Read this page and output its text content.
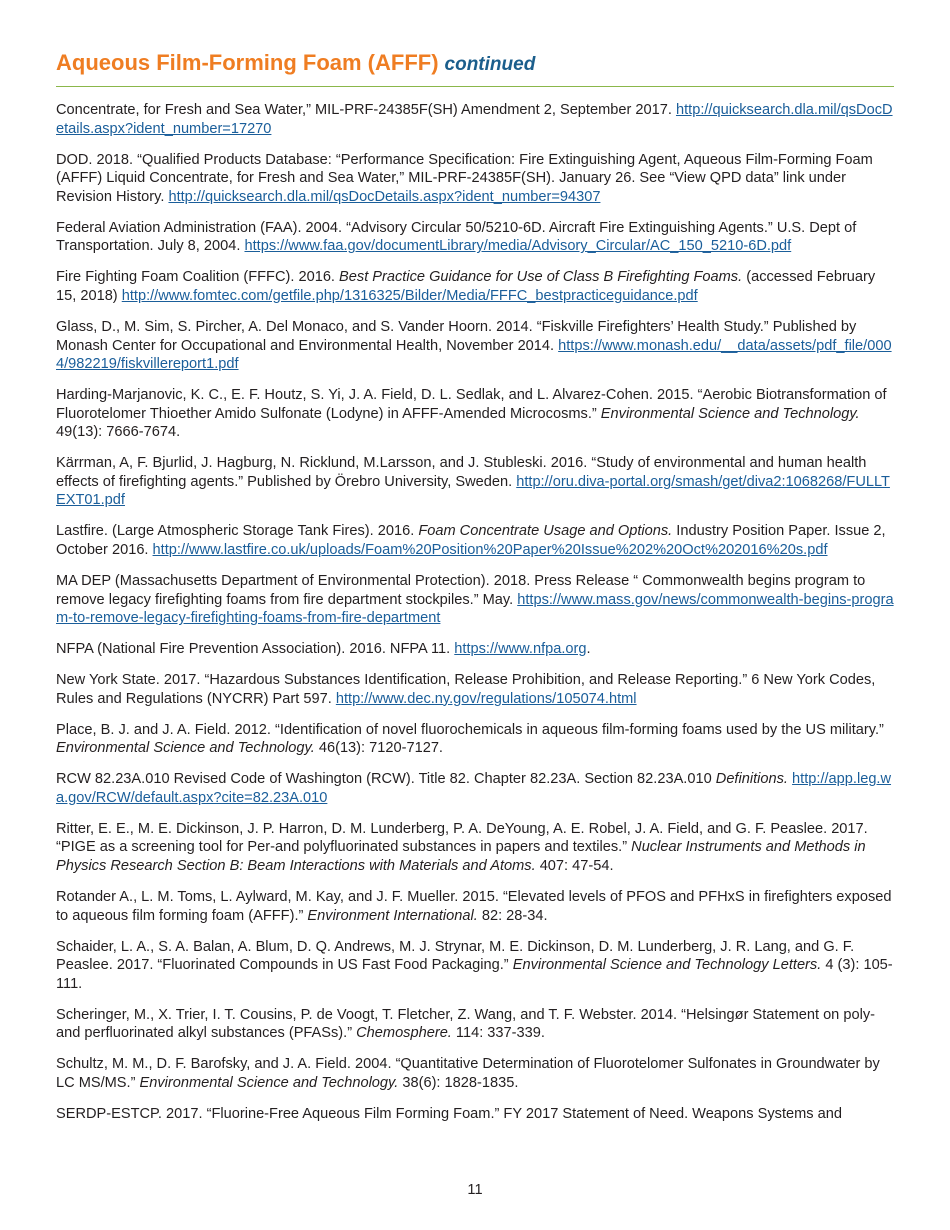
Aqueous Film-Forming Foam (AFFF) continued

Concentrate, for Fresh and Sea Water,” MIL-PRF-24385F(SH) Amendment 2, September 2017. http://quicksearch.dla.mil/qsDocDetails.aspx?ident_number=17270

DOD. 2018. “Qualified Products Database: “Performance Specification: Fire Extinguishing Agent, Aqueous Film-Forming Foam (AFFF) Liquid Concentrate, for Fresh and Sea Water,” MIL-PRF-24385F(SH). January 26. See “View QPD data” link under Revision History. http://quicksearch.dla.mil/qsDocDetails.aspx?ident_number=94307

Federal Aviation Administration (FAA). 2004. “Advisory Circular 50/5210-6D. Aircraft Fire Extinguishing Agents.” U.S. Dept of Transportation. July 8, 2004. https://www.faa.gov/documentLibrary/media/Advisory_Circular/AC_150_5210-6D.pdf

Fire Fighting Foam Coalition (FFFC). 2016. Best Practice Guidance for Use of Class B Firefighting Foams. (accessed February 15, 2018) http://www.fomtec.com/getfile.php/1316325/Bilder/Media/FFFC_bestpracticeguidance.pdf

Glass, D., M. Sim, S. Pircher, A. Del Monaco, and S. Vander Hoorn. 2014. “Fiskville Firefighters’ Health Study.” Published by Monash Center for Occupational and Environmental Health, November 2014. https://www.monash.edu/__data/assets/pdf_file/0004/982219/fiskvillereport1.pdf

Harding-Marjanovic, K. C., E. F. Houtz, S. Yi, J. A. Field, D. L. Sedlak, and L. Alvarez-Cohen. 2015. “Aerobic Biotransformation of Fluorotelomer Thioether Amido Sulfonate (Lodyne) in AFFF-Amended Microcosms.” Environmental Science and Technology. 49(13): 7666-7674.

Kärrman, A, F. Bjurlid, J. Hagburg, N. Ricklund, M.Larsson, and J. Stubleski. 2016. “Study of environmental and human health effects of firefighting agents.” Published by Örebro University, Sweden. http://oru.diva-portal.org/smash/get/diva2:1068268/FULLTEXT01.pdf

Lastfire. (Large Atmospheric Storage Tank Fires). 2016. Foam Concentrate Usage and Options. Industry Position Paper. Issue 2, October 2016. http://www.lastfire.co.uk/uploads/Foam%20Position%20Paper%20Issue%202%20Oct%202016%20s.pdf

MA DEP (Massachusetts Department of Environmental Protection). 2018. Press Release “ Commonwealth begins program to remove legacy firefighting foams from fire department stockpiles.” May. https://www.mass.gov/news/commonwealth-begins-program-to-remove-legacy-firefighting-foams-from-fire-department

NFPA (National Fire Prevention Association). 2016. NFPA 11. https://www.nfpa.org.

New York State. 2017. “Hazardous Substances Identification, Release Prohibition, and Release Reporting.” 6 New York Codes, Rules and Regulations (NYCRR) Part 597. http://www.dec.ny.gov/regulations/105074.html

Place, B. J. and J. A. Field. 2012. “Identification of novel fluorochemicals in aqueous film-forming foams used by the US military.” Environmental Science and Technology. 46(13): 7120-7127.

RCW 82.23A.010 Revised Code of Washington (RCW). Title 82. Chapter 82.23A. Section 82.23A.010 Definitions. http://app.leg.wa.gov/RCW/default.aspx?cite=82.23A.010

Ritter, E. E., M. E. Dickinson, J. P. Harron, D. M. Lunderberg, P. A. DeYoung, A. E. Robel, J. A. Field, and G. F. Peaslee. 2017. “PIGE as a screening tool for Per-and polyfluorinated substances in papers and textiles.” Nuclear Instruments and Methods in Physics Research Section B: Beam Interactions with Materials and Atoms. 407: 47-54.

Rotander A., L. M. Toms, L. Aylward, M. Kay, and J. F. Mueller. 2015. “Elevated levels of PFOS and PFHxS in firefighters exposed to aqueous film forming foam (AFFF).” Environment International. 82: 28-34.

Schaider, L. A., S. A. Balan, A. Blum, D. Q. Andrews, M. J. Strynar, M. E. Dickinson, D. M. Lunderberg, J. R. Lang, and G. F. Peaslee. 2017. “Fluorinated Compounds in US Fast Food Packaging.” Environmental Science and Technology Letters. 4 (3): 105-111.

Scheringer, M., X. Trier, I. T. Cousins, P. de Voogt, T. Fletcher, Z. Wang, and T. F. Webster. 2014. “Helsingør Statement on poly- and perfluorinated alkyl substances (PFASs).” Chemosphere. 114: 337-339.

Schultz, M. M., D. F. Barofsky, and J. A. Field. 2004. “Quantitative Determination of Fluorotelomer Sulfonates in Groundwater by LC MS/MS.” Environmental Science and Technology. 38(6): 1828-1835.

SERDP-ESTCP. 2017. “Fluorine-Free Aqueous Film Forming Foam.” FY 2017 Statement of Need. Weapons Systems and

11
